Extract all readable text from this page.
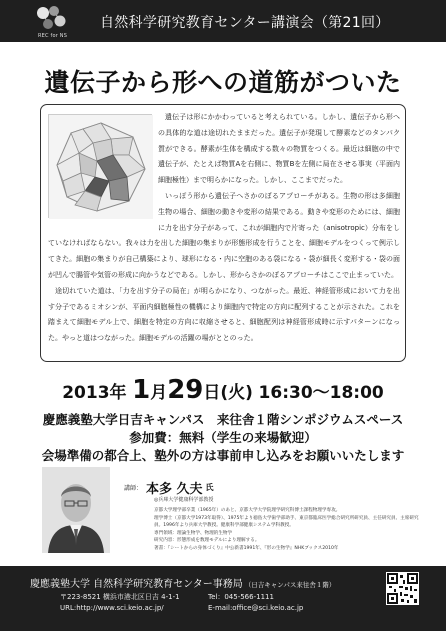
REC for NS
自然科学研究教育センター講演会（第21回）
遺伝子から形への道筋がついた

遺伝子は形にかかわっていると考えられている。しかし、遺伝子から形への具体的な道は途切れたままだった。遺伝子が発現して酵素などのタンパク質ができる。酵素が生体を構成する数々の物質をつくる。最近は細胞の中で遺伝子が、たとえば物質Aを右側に、物質Bを左側に局在させる事実（平面内細胞極性）まで明らかになった。しかし、ここまでだった。

いっぽう形から遺伝子へさかのぼるアプローチがある。生物の形は多細胞生物の場合、細胞の動きや変形の結果である。動きや変形のためには、細胞に力を出す分子があって、これが細胞内で片寄った（anisotropic）分布をしていなければならない。我々は力を出した細胞の集まりが形態形成を行うことを、細胞モデルをつくって例示してきた。細胞の集まりが自己構築により、球形になる・内に空胞のある袋になる・袋が細長く変形する・袋の面が凹んで腸管や気管の形成に向かうなどである。しかし、形からさかのぼるアプローチはここで止まっていた。

途切れていた道は、「力を出す分子の局在」が明らかになり、つながった。最近、神経管形成において力を出す分子であるミオシンが、平面内細胞極性の機構により細胞内で特定の方向に配列することが示された。これを踏まえて細胞モデル上で、細胞を特定の方向に収縮させると、細胞配列は神経管形成時に示すパターンになった。やっと道はつながった。細胞モデルの活躍の場がととのった。

2013年 1月29日(火) 16:30～18:00
慶應義塾大学日吉キャンパス　来往舎１階シンポジウムスペース
参加費：無料（学生の来場歓迎）
会場準備の都合上、塾外の方は事前申し込みをお願いいたします
講師： 本多 久夫 氏
◎兵庫大学健康科学部教授
京都大学理学部卒業（1965年）のあと、京都大学大学院理学研究科博士課程物理学専攻。
理学博士（京都大学1973年取得）、1975年より徳島大学歯学部助手、東京都臨床医学総合研究所研究員、主任研究員、主席研究員。1996年より兵庫大学教授。健康科学部健康システム学科教授。
専門領域：理論生物学、物理的生物学
研究内容：形態形成を数理モデルにより理解する。
著書：『シートからの身体づくり』中公新書1991年、『形の生物学』NHKブックス2010年
慶應義塾大学 自然科学研究教育センター事務局 （日吉キャンパス来往舎１階）
〒223-8521 横浜市港北区日吉 4-1-1	Tel：045-566-1111
URL:http://www.sci.keio.ac.jp/	E-mail:office@sci.keio.ac.jp
